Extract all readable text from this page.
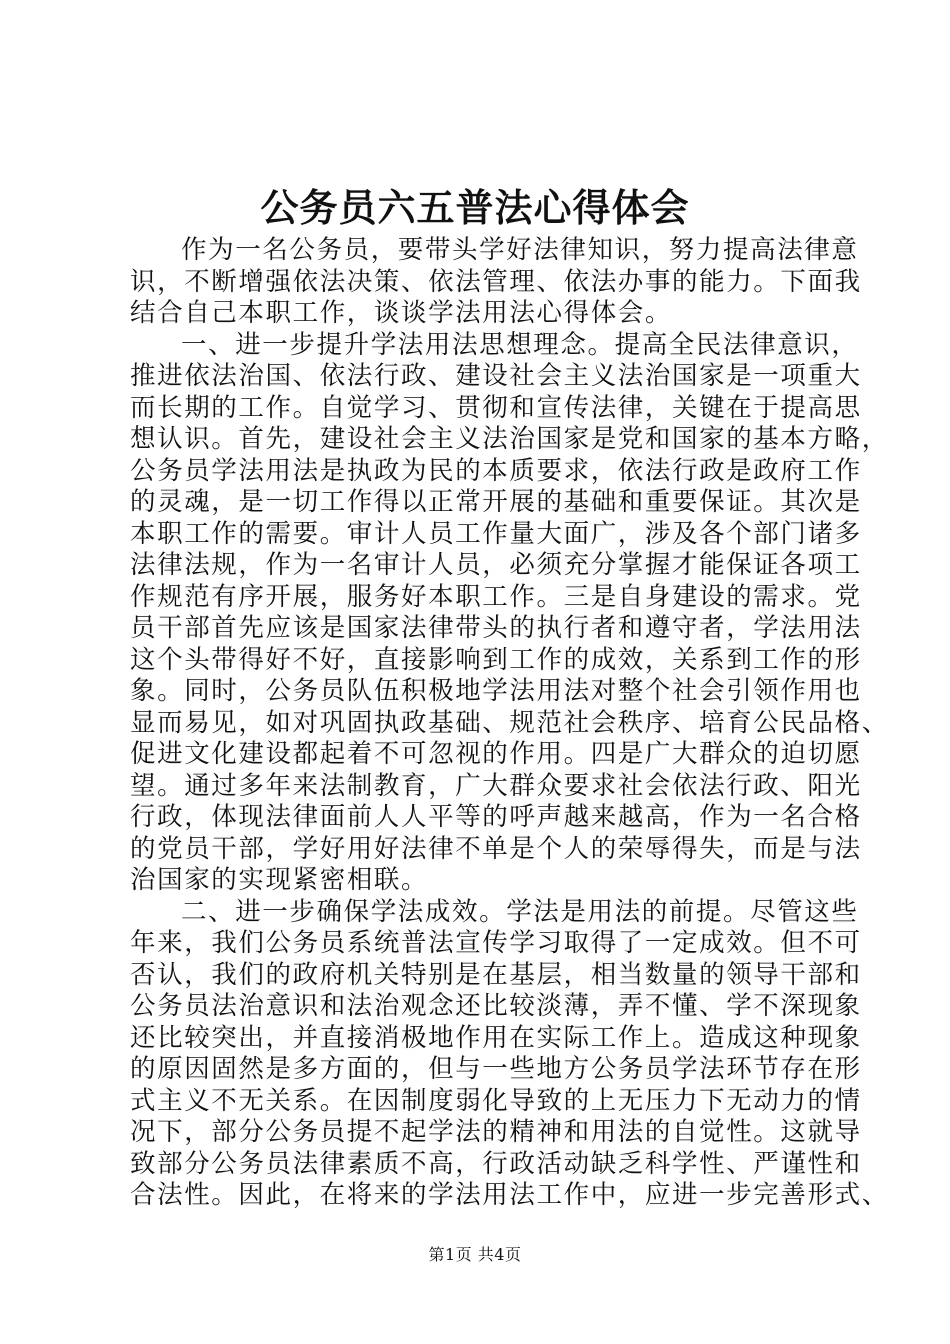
公务员六五普法心得体会
作为一名公务员，要带头学好法律知识，努力提高法律意
识，不断增强依法决策、依法管理、依法办事的能力。下面我
结合自己本职工作，谈谈学法用法心得体会。
一、进一步提升学法用法思想理念。提高全民法律意识，
推进依法治国、依法行政、建设社会主义法治国家是一项重大
而长期的工作。自觉学习、贯彻和宣传法律，关键在于提高思
想认识。首先，建设社会主义法治国家是党和国家的基本方略，
公务员学法用法是执政为民的本质要求，依法行政是政府工作
的灵魂，是一切工作得以正常开展的基础和重要保证。其次是
本职工作的需要。审计人员工作量大面广，涉及各个部门诸多
法律法规，作为一名审计人员，必须充分掌握才能保证各项工
作规范有序开展，服务好本职工作。三是自身建设的需求。党
员干部首先应该是国家法律带头的执行者和遵守者，学法用法
这个头带得好不好，直接影响到工作的成效，关系到工作的形
象。同时，公务员队伍积极地学法用法对整个社会引领作用也
显而易见，如对巩固执政基础、规范社会秩序、培育公民品格、
促进文化建设都起着不可忽视的作用。四是广大群众的迫切愿
望。通过多年来法制教育，广大群众要求社会依法行政、阳光
行政，体现法律面前人人平等的呼声越来越高，作为一名合格
的党员干部，学好用好法律不单是个人的荣辱得失，而是与法
治国家的实现紧密相联。
二、进一步确保学法成效。学法是用法的前提。尽管这些
年来，我们公务员系统普法宣传学习取得了一定成效。但不可
否认，我们的政府机关特别是在基层，相当数量的领导干部和
公务员法治意识和法治观念还比较淡薄，弄不懂、学不深现象
还比较突出，并直接消极地作用在实际工作上。造成这种现象
的原因固然是多方面的，但与一些地方公务员学法环节存在形
式主义不无关系。在因制度弱化导致的上无压力下无动力的情
况下，部分公务员提不起学法的精神和用法的自觉性。这就导
致部分公务员法律素质不高，行政活动缺乏科学性、严谨性和
合法性。因此，在将来的学法用法工作中，应进一步完善形式、
第1页 共4页
